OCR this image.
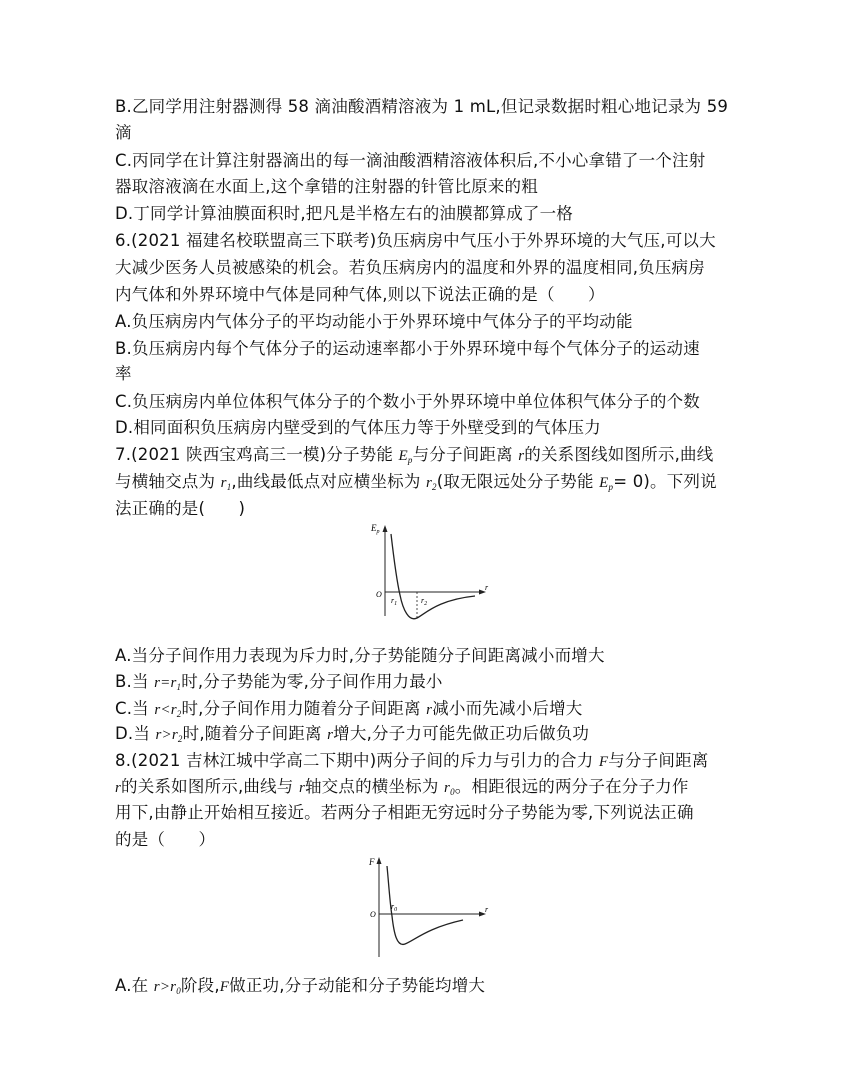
B.乙同学用注射器测得 58 滴油酸酒精溶液为 1 mL,但记录数据时粗心地记录为 59
滴
C.丙同学在计算注射器滴出的每一滴油酸酒精溶液体积后,不小心拿错了一个注射
器取溶液滴在水面上,这个拿错的注射器的针管比原来的粗
D.丁同学计算油膜面积时,把凡是半格左右的油膜都算成了一格
6.(2021 福建名校联盟高三下联考)负压病房中气压小于外界环境的大气压,可以大
大减少医务人员被感染的机会。若负压病房内的温度和外界的温度相同,负压病房
内气体和外界环境中气体是同种气体,则以下说法正确的是（　　）
A.负压病房内气体分子的平均动能小于外界环境中气体分子的平均动能
B.负压病房内每个气体分子的运动速率都小于外界环境中每个气体分子的运动速
率
C.负压病房内单位体积气体分子的个数小于外界环境中单位体积气体分子的个数
D.相同面积负压病房内壁受到的气体压力等于外壁受到的气体压力
7.(2021 陕西宝鸡高三一模)分子势能 $E_p$与分子间距离 r的关系图线如图所示,曲线
与横轴交点为 $r_1$,曲线最低点对应横坐标为 $r_2$(取无限远处分子势能 $E_p= 0$)。下列说
法正确的是(　　)
$E_p$
r
O
$r_1$	$r_2$
A.当分子间作用力表现为斥力时,分子势能随分子间距离减小而增大
B.当 $r=r_1$时,分子势能为零,分子间作用力最小
C.当 $r<r_2$时,分子间作用力随着分子间距离 r减小而先减小后增大
D.当 $r>r_2$时,随着分子间距离 r增大,分子力可能先做正功后做负功
8.(2021 吉林江城中学高二下期中)两分子间的斥力与引力的合力 F与分子间距离
r的关系如图所示,曲线与 r轴交点的横坐标为 $r_0$。相距很远的两分子在分子力作
用下,由静止开始相互接近。若两分子相距无穷远时分子势能为零,下列说法正确
的是（　　）
F
r
O
$r_0$
A.在 $r>r_0$阶段,F做正功,分子动能和分子势能均增大
